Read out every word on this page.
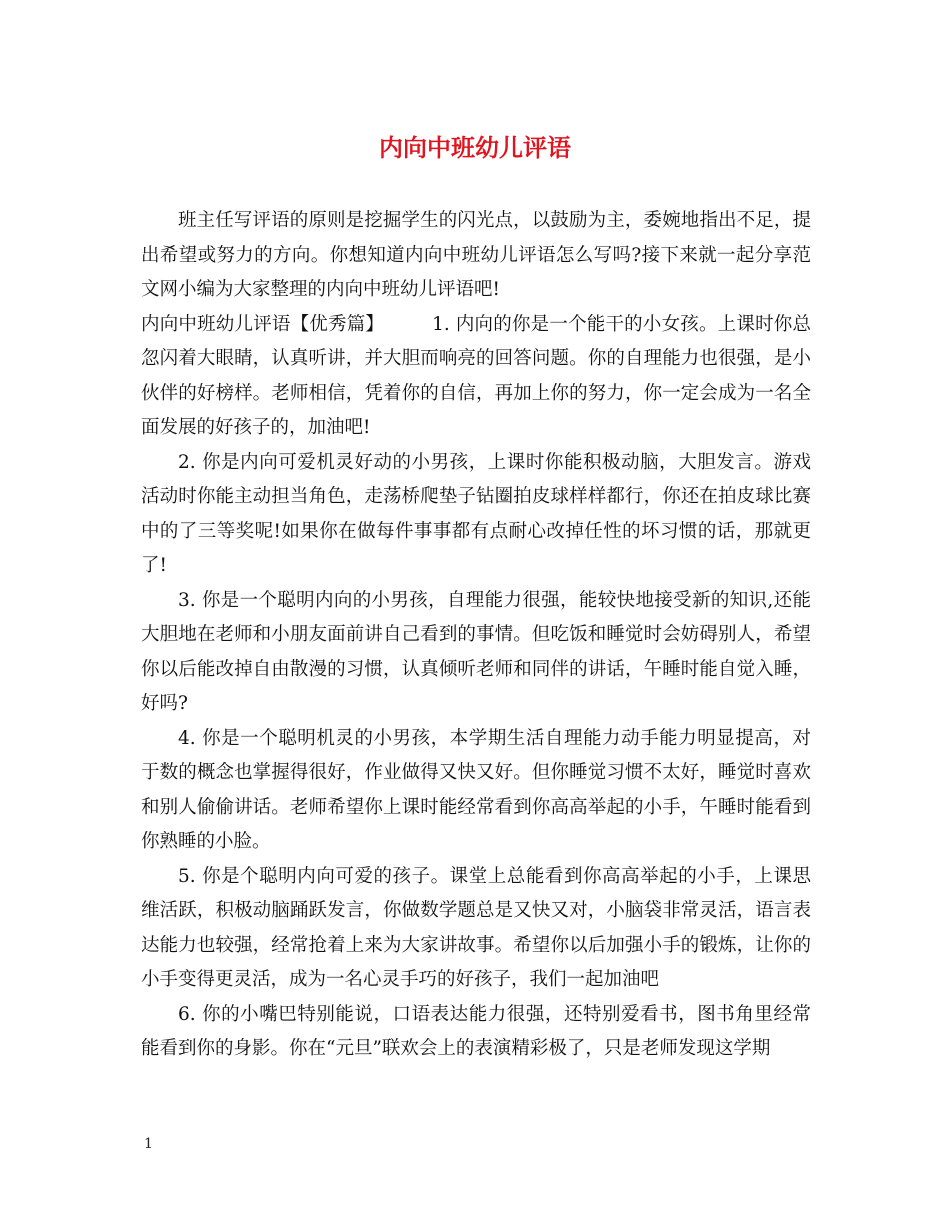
内向中班幼儿评语

班主任写评语的原则是挖掘学生的闪光点，以鼓励为主，委婉地指出不足，提出希望或努力的方向。你想知道内向中班幼儿评语怎么写吗?接下来就一起分享范文网小编为大家整理的内向中班幼儿评语吧!

内向中班幼儿评语【优秀篇】	1. 内向的你是一个能干的小女孩。上课时你总忽闪着大眼睛，认真听讲，并大胆而响亮的回答问题。你的自理能力也很强，是小伙伴的好榜样。老师相信，凭着你的自信，再加上你的努力，你一定会成为一名全面发展的好孩子的，加油吧!

2. 你是内向可爱机灵好动的小男孩，上课时你能积极动脑，大胆发言。游戏活动时你能主动担当角色，走荡桥爬垫子钻圈拍皮球样样都行，你还在拍皮球比赛中的了三等奖呢!如果你在做每件事事都有点耐心改掉任性的坏习惯的话，那就更了!

3. 你是一个聪明内向的小男孩，自理能力很强，能较快地接受新的知识,还能大胆地在老师和小朋友面前讲自己看到的事情。但吃饭和睡觉时会妨碍别人，希望你以后能改掉自由散漫的习惯，认真倾听老师和同伴的讲话，午睡时能自觉入睡，好吗?

4. 你是一个聪明机灵的小男孩，本学期生活自理能力动手能力明显提高，对于数的概念也掌握得很好，作业做得又快又好。但你睡觉习惯不太好，睡觉时喜欢和别人偷偷讲话。老师希望你上课时能经常看到你高高举起的小手，午睡时能看到你熟睡的小脸。

5. 你是个聪明内向可爱的孩子。课堂上总能看到你高高举起的小手，上课思维活跃，积极动脑踊跃发言，你做数学题总是又快又对，小脑袋非常灵活，语言表达能力也较强，经常抢着上来为大家讲故事。希望你以后加强小手的锻炼，让你的小手变得更灵活，成为一名心灵手巧的好孩子，我们一起加油吧

6. 你的小嘴巴特别能说，口语表达能力很强，还特别爱看书，图书角里经常能看到你的身影。你在“元旦”联欢会上的表演精彩极了，只是老师发现这学期

1
